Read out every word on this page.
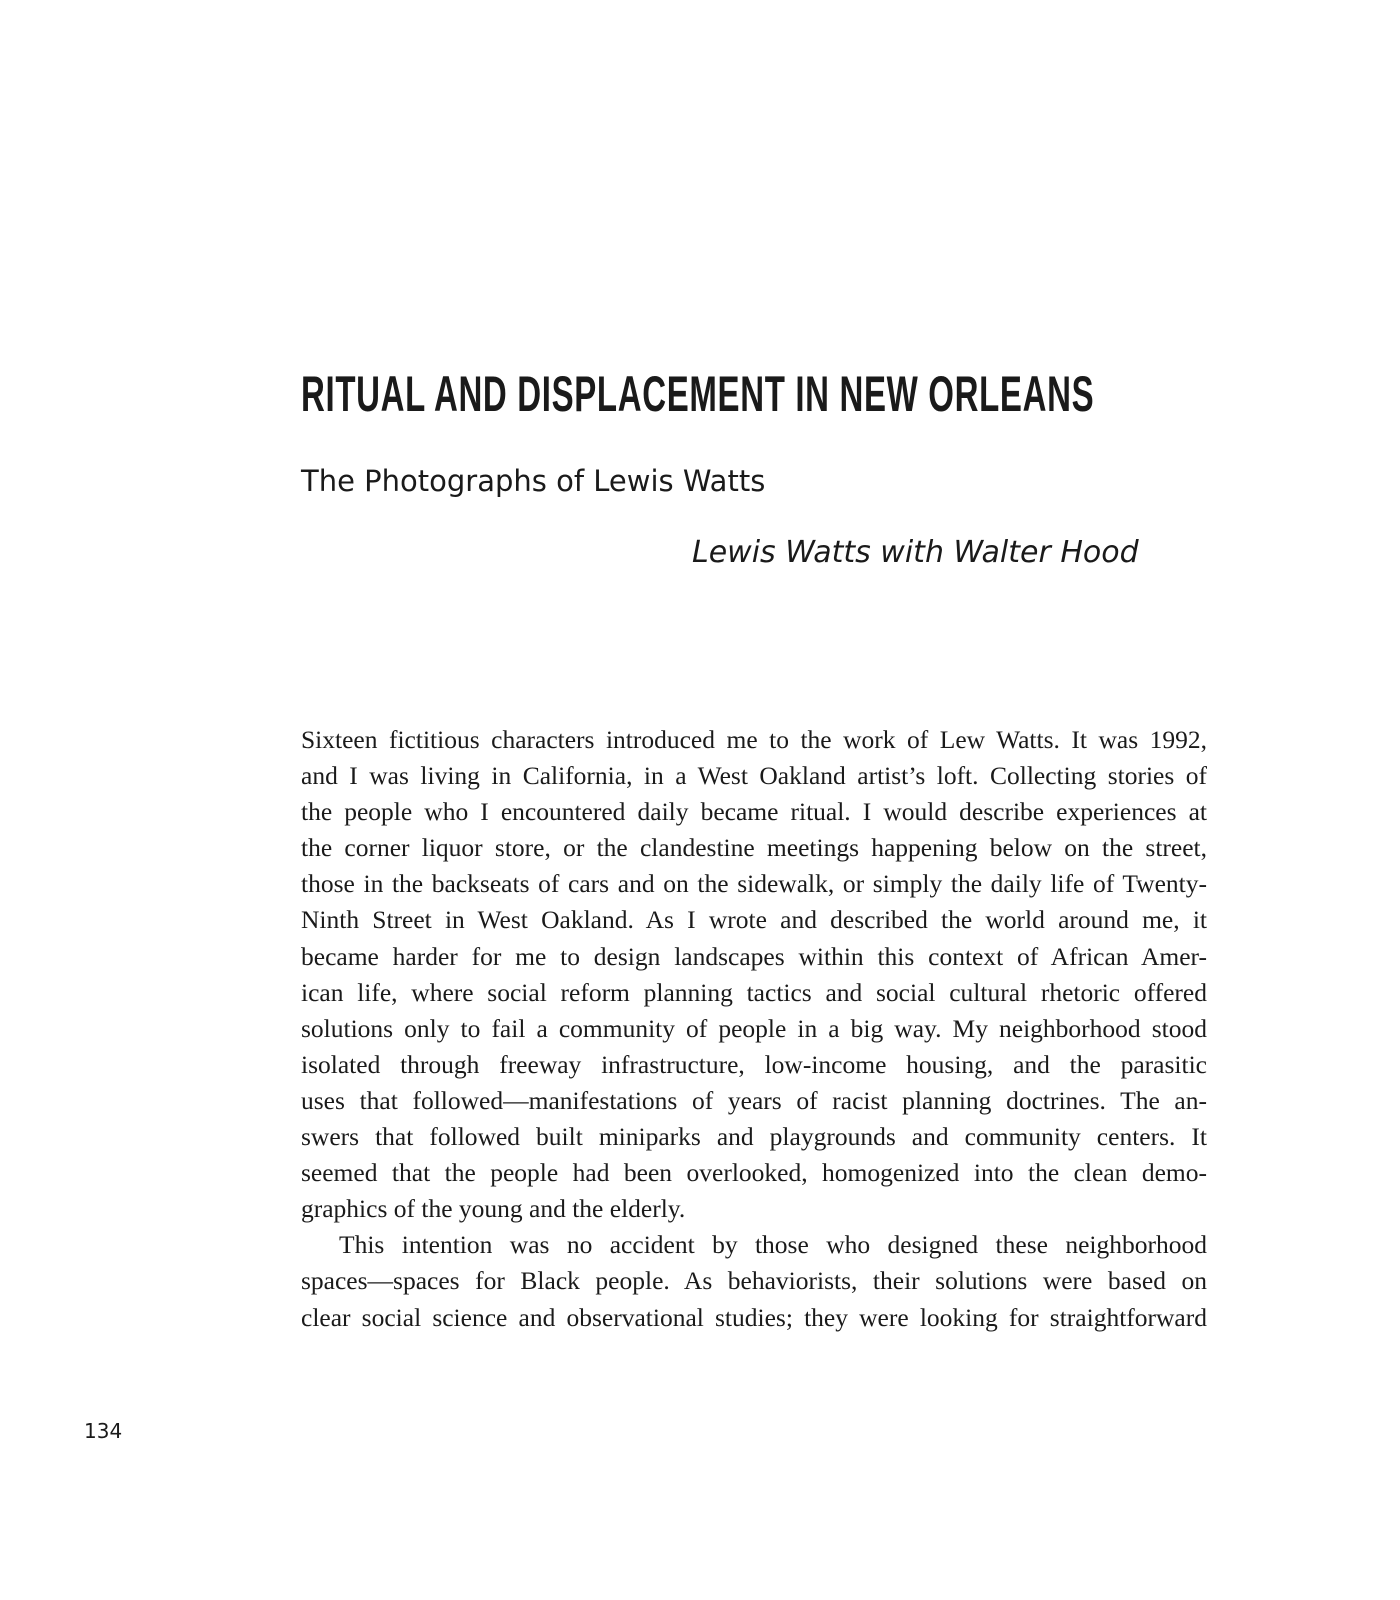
RITUAL AND DISPLACEMENT IN NEW ORLEANS
The Photographs of Lewis Watts
Lewis Watts with Walter Hood
Sixteen fictitious characters introduced me to the work of Lew Watts. It was 1992,
and I was living in California, in a West Oakland artist’s loft. Collecting stories of
the people who I encountered daily became ritual. I would describe experiences at
the corner liquor store, or the clandestine meetings happening below on the street,
those in the backseats of cars and on the sidewalk, or simply the daily life of Twenty-
Ninth Street in West Oakland. As I wrote and described the world around me, it
became harder for me to design landscapes within this context of African Amer-
ican life, where social reform planning tactics and social cultural rhetoric offered
solutions only to fail a community of people in a big way. My neighborhood stood
isolated through freeway infrastructure, low-income housing, and the parasitic
uses that followed—manifestations of years of racist planning doctrines. The an-
swers that followed built miniparks and playgrounds and community centers. It
seemed that the people had been overlooked, homogenized into the clean demo-
graphics of the young and the elderly.
This intention was no accident by those who designed these neighborhood
spaces—spaces for Black people. As behaviorists, their solutions were based on
clear social science and observational studies; they were looking for straightforward
134
